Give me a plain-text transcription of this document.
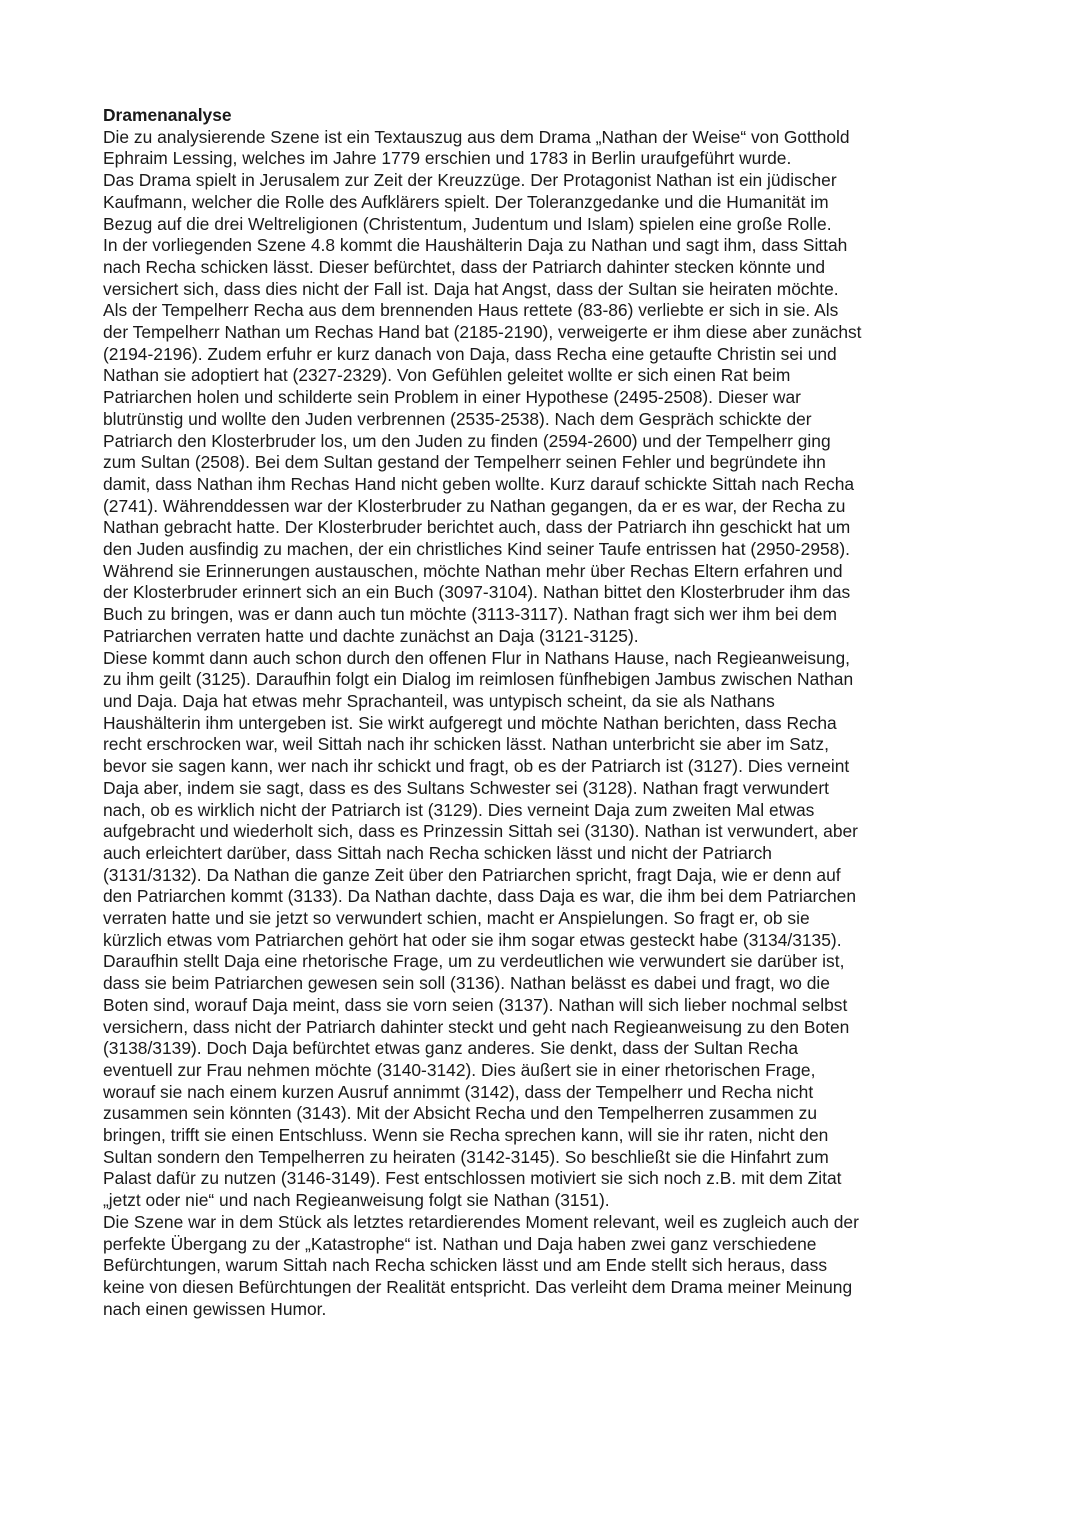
Dramenanalyse
Die zu analysierende Szene ist ein Textauszug aus dem Drama „Nathan der Weise“ von Gotthold
Ephraim Lessing, welches im Jahre 1779 erschien und 1783 in Berlin uraufgeführt wurde.
Das Drama spielt in Jerusalem zur Zeit der Kreuzzüge. Der Protagonist Nathan ist ein jüdischer
Kaufmann, welcher die Rolle des Aufklärers spielt. Der Toleranzgedanke und die Humanität im
Bezug auf die drei Weltreligionen (Christentum, Judentum und Islam) spielen eine große Rolle.
In der vorliegenden Szene 4.8 kommt die Haushälterin Daja zu Nathan und sagt ihm, dass Sittah
nach Recha schicken lässt. Dieser befürchtet, dass der Patriarch dahinter stecken könnte und
versichert sich, dass dies nicht der Fall ist. Daja hat Angst, dass der Sultan sie heiraten möchte.
Als der Tempelherr Recha aus dem brennenden Haus rettete (83-86) verliebte er sich in sie. Als
der Tempelherr Nathan um Rechas Hand bat (2185-2190), verweigerte er ihm diese aber zunächst
(2194-2196). Zudem erfuhr er kurz danach von Daja, dass Recha eine getaufte Christin sei und
Nathan sie adoptiert hat (2327-2329). Von Gefühlen geleitet wollte er sich einen Rat beim
Patriarchen holen und schilderte sein Problem in einer Hypothese (2495-2508). Dieser war
blutrünstig und wollte den Juden verbrennen (2535-2538). Nach dem Gespräch schickte der
Patriarch den Klosterbruder los, um den Juden zu finden (2594-2600) und der Tempelherr ging
zum Sultan (2508). Bei dem Sultan gestand der Tempelherr seinen Fehler und begründete ihn
damit, dass Nathan ihm Rechas Hand nicht geben wollte. Kurz darauf schickte Sittah nach Recha
(2741). Währenddessen war der Klosterbruder zu Nathan gegangen, da er es war, der Recha zu
Nathan gebracht hatte. Der Klosterbruder berichtet auch, dass der Patriarch ihn geschickt hat um
den Juden ausfindig zu machen, der ein christliches Kind seiner Taufe entrissen hat (2950-2958).
Während sie Erinnerungen austauschen, möchte Nathan mehr über Rechas Eltern erfahren und
der Klosterbruder erinnert sich an ein Buch (3097-3104). Nathan bittet den Klosterbruder ihm das
Buch zu bringen, was er dann auch tun möchte (3113-3117). Nathan fragt sich wer ihm bei dem
Patriarchen verraten hatte und dachte zunächst an Daja (3121-3125).
Diese kommt dann auch schon durch den offenen Flur in Nathans Hause, nach Regieanweisung,
zu ihm geilt (3125). Daraufhin folgt ein Dialog im reimlosen fünfhebigen Jambus zwischen Nathan
und Daja. Daja hat etwas mehr Sprachanteil, was untypisch scheint, da sie als Nathans
Haushälterin ihm untergeben ist. Sie wirkt aufgeregt und möchte Nathan berichten, dass Recha
recht erschrocken war, weil Sittah nach ihr schicken lässt. Nathan unterbricht sie aber im Satz,
bevor sie sagen kann, wer nach ihr schickt und fragt, ob es der Patriarch ist (3127). Dies verneint
Daja aber, indem sie sagt, dass es des Sultans Schwester sei (3128). Nathan fragt verwundert
nach, ob es wirklich nicht der Patriarch ist (3129). Dies verneint Daja zum zweiten Mal etwas
aufgebracht und wiederholt sich, dass es Prinzessin Sittah sei (3130). Nathan ist verwundert, aber
auch erleichtert darüber, dass Sittah nach Recha schicken lässt und nicht der Patriarch
(3131/3132). Da Nathan die ganze Zeit über den Patriarchen spricht, fragt Daja, wie er denn auf
den Patriarchen kommt (3133). Da Nathan dachte, dass Daja es war, die ihm bei dem Patriarchen
verraten hatte und sie jetzt so verwundert schien, macht er Anspielungen. So fragt er, ob sie
kürzlich etwas vom Patriarchen gehört hat oder sie ihm sogar etwas gesteckt habe (3134/3135).
Daraufhin stellt Daja eine rhetorische Frage, um zu verdeutlichen wie verwundert sie darüber ist,
dass sie beim Patriarchen gewesen sein soll (3136). Nathan belässt es dabei und fragt, wo die
Boten sind, worauf Daja meint, dass sie vorn seien (3137). Nathan will sich lieber nochmal selbst
versichern, dass nicht der Patriarch dahinter steckt und geht nach Regieanweisung zu den Boten
(3138/3139). Doch Daja befürchtet etwas ganz anderes. Sie denkt, dass der Sultan Recha
eventuell zur Frau nehmen möchte (3140-3142). Dies äußert sie in einer rhetorischen Frage,
worauf sie nach einem kurzen Ausruf annimmt (3142), dass der Tempelherr und Recha nicht
zusammen sein könnten (3143). Mit der Absicht Recha und den Tempelherren zusammen zu
bringen, trifft sie einen Entschluss. Wenn sie Recha sprechen kann, will sie ihr raten, nicht den
Sultan sondern den Tempelherren zu heiraten (3142-3145). So beschließt sie die Hinfahrt zum
Palast dafür zu nutzen (3146-3149). Fest entschlossen motiviert sie sich noch z.B. mit dem Zitat
„jetzt oder nie“ und nach Regieanweisung folgt sie Nathan (3151).
Die Szene war in dem Stück als letztes retardierendes Moment relevant, weil es zugleich auch der
perfekte Übergang zu der „Katastrophe“ ist. Nathan und Daja haben zwei ganz verschiedene
Befürchtungen, warum Sittah nach Recha schicken lässt und am Ende stellt sich heraus, dass
keine von diesen Befürchtungen der Realität entspricht. Das verleiht dem Drama meiner Meinung
nach einen gewissen Humor.
